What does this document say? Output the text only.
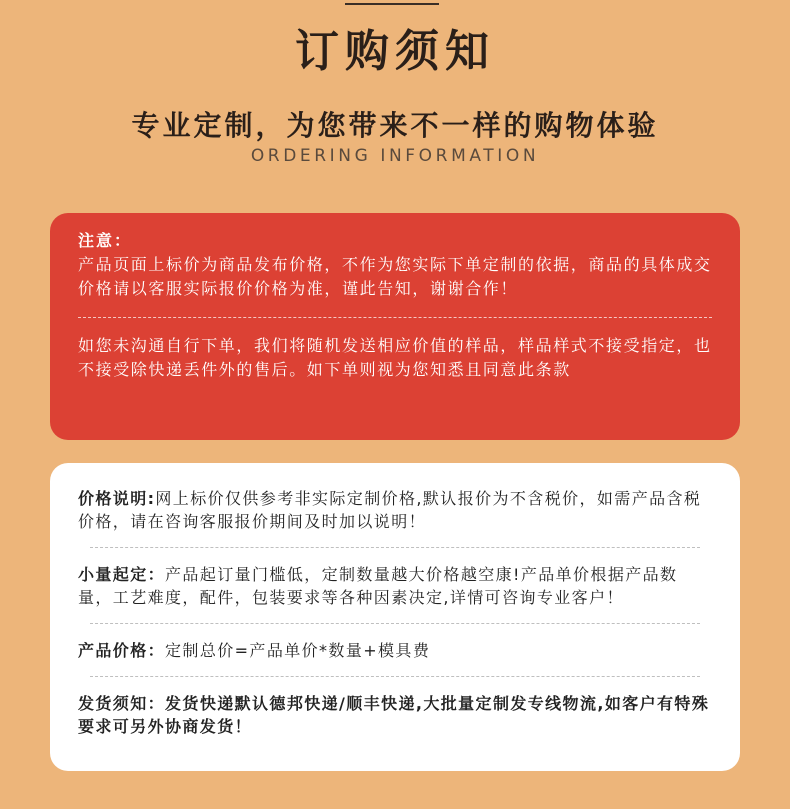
订购须知
专业定制，为您带来不一样的购物体验
ORDERING INFORMATION
注意：
产品页面上标价为商品发布价格，不作为您实际下单定制的依据，商品的具体成交价格请以客服实际报价价格为准，谨此告知，谢谢合作！
如您未沟通自行下单，我们将随机发送相应价值的样品，样品样式不接受指定，也不接受除快递丢件外的售后。如下单则视为您知悉且同意此条款
价格说明:网上标价仅供参考非实际定制价格,默认报价为不含税价，如需产品含税价格，请在咨询客服报价期间及时加以说明！
小量起定：产品起订量门槛低，定制数量越大价格越空康!产品单价根据产品数量，工艺难度，配件，包装要求等各种因素决定,详情可咨询专业客户！
产品价格：定制总价=产品单价*数量+模具费
发货须知：发货快递默认德邦快递/顺丰快递,大批量定制发专线物流,如客户有特殊要求可另外协商发货！
